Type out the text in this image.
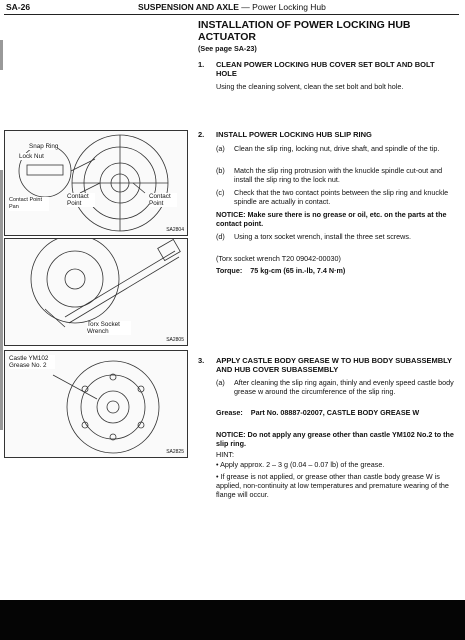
SA-26	SUSPENSION AND AXLE — Power Locking Hub
INSTALLATION OF POWER LOCKING HUB ACTUATOR
(See page SA-23)
1. CLEAN POWER LOCKING HUB COVER SET BOLT AND BOLT HOLE
Using the cleaning solvent, clean the set bolt and bolt hole.
2. INSTALL POWER LOCKING HUB SLIP RING
(a) Clean the slip ring, locking nut, drive shaft, and spindle of the tip.
(b) Match the slip ring protrusion with the knuckle spindle cut-out and install the slip ring to the lock nut.
(c) Check that the two contact points between the slip ring and knuckle spindle are actually in contact.
NOTICE: Make sure there is no grease or oil, etc. on the parts at the contact point.
(d) Using a torx socket wrench, install the three set screws.
(Torx socket wrench T20 09042-00030)
Torque: 75 kg-cm (65 in.-lb, 7.4 N·m)
3. APPLY CASTLE BODY GREASE W TO HUB BODY SUBASSEMBLY AND HUB COVER SUBASSEMBLY
(a) After cleaning the slip ring again, thinly and evenly speed castle body grease w around the circumference of the slip ring.
Grease: Part No. 08887-02007, CASTLE BODY GREASE W
NOTICE: Do not apply any grease other than castle YM102 No.2 to the slip ring.
HINT:
• Apply approx. 2 – 3 g (0.04 – 0.07 lb) of the grease.
• If grease is not applied, or grease other than castle body grease W is applied, non-continuity at low temperatures and premature wearing of the flange will occur.
Snap Ring
Lock Nut
Contact Point Pan
Contact Point
Contact Point
SA2804
Torx Socket Wrench
SA2805
Castle YM102 Grease No. 2
SA2825
